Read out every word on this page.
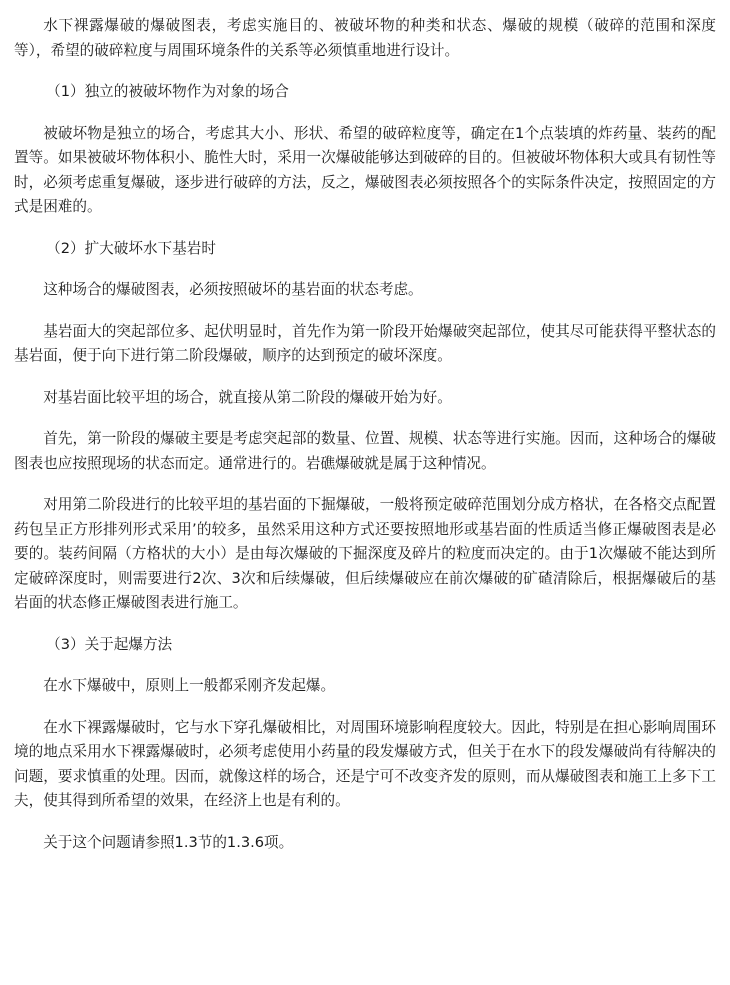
水下裸露爆破的爆破图表，考虑实施目的、被破坏物的种类和状态、爆破的规模（破碎的范围和深度等），希望的破碎粒度与周围环境条件的关系等必须慎重地进行设计。

（1）独立的被破坏物作为对象的场合

被破坏物是独立的场合，考虑其大小、形状、希望的破碎粒度等，确定在1个点装填的炸药量、装药的配置等。如果被破坏物体积小、脆性大时，采用一次爆破能够达到破碎的目的。但被破坏物体积大或具有韧性等时，必须考虑重复爆破，逐步进行破碎的方法，反之，爆破图表必须按照各个的实际条件决定，按照固定的方式是困难的。

（2）扩大破坏水下基岩时

这种场合的爆破图表，必须按照破坏的基岩面的状态考虑。

基岩面大的突起部位多、起伏明显时，首先作为第一阶段开始爆破突起部位，使其尽可能获得平整状态的基岩面，便于向下进行第二阶段爆破，顺序的达到预定的破坏深度。

对基岩面比较平坦的场合，就直接从第二阶段的爆破开始为好。

首先，第一阶段的爆破主要是考虑突起部的数量、位置、规模、状态等进行实施。因而，这种场合的爆破图表也应按照现场的状态而定。通常进行的。岩礁爆破就是属于这种情况。

对用第二阶段进行的比较平坦的基岩面的下掘爆破，一般将预定破碎范围划分成方格状，在各格交点配置药包呈正方形排列形式采用’的较多，虽然采用这种方式还要按照地形或基岩面的性质适当修正爆破图表是必要的。装药间隔（方格状的大小）是由每次爆破的下掘深度及碎片的粒度而决定的。由于1次爆破不能达到所定破碎深度时，则需要进行2次、3次和后续爆破，但后续爆破应在前次爆破的矿碴清除后，根据爆破后的基岩面的状态修正爆破图表进行施工。

（3）关于起爆方法

在水下爆破中，原则上一般都采刚齐发起爆。

在水下裸露爆破时，它与水下穿孔爆破相比，对周围环境影响程度较大。因此，特别是在担心影响周围环境的地点采用水下裸露爆破时，必须考虑使用小药量的段发爆破方式，但关于在水下的段发爆破尚有待解决的问题，要求慎重的处理。因而，就像这样的场合，还是宁可不改变齐发的原则，而从爆破图表和施工上多下工夫，使其得到所希望的效果，在经济上也是有利的。

关于这个问题请参照1.3节的1.3.6项。
